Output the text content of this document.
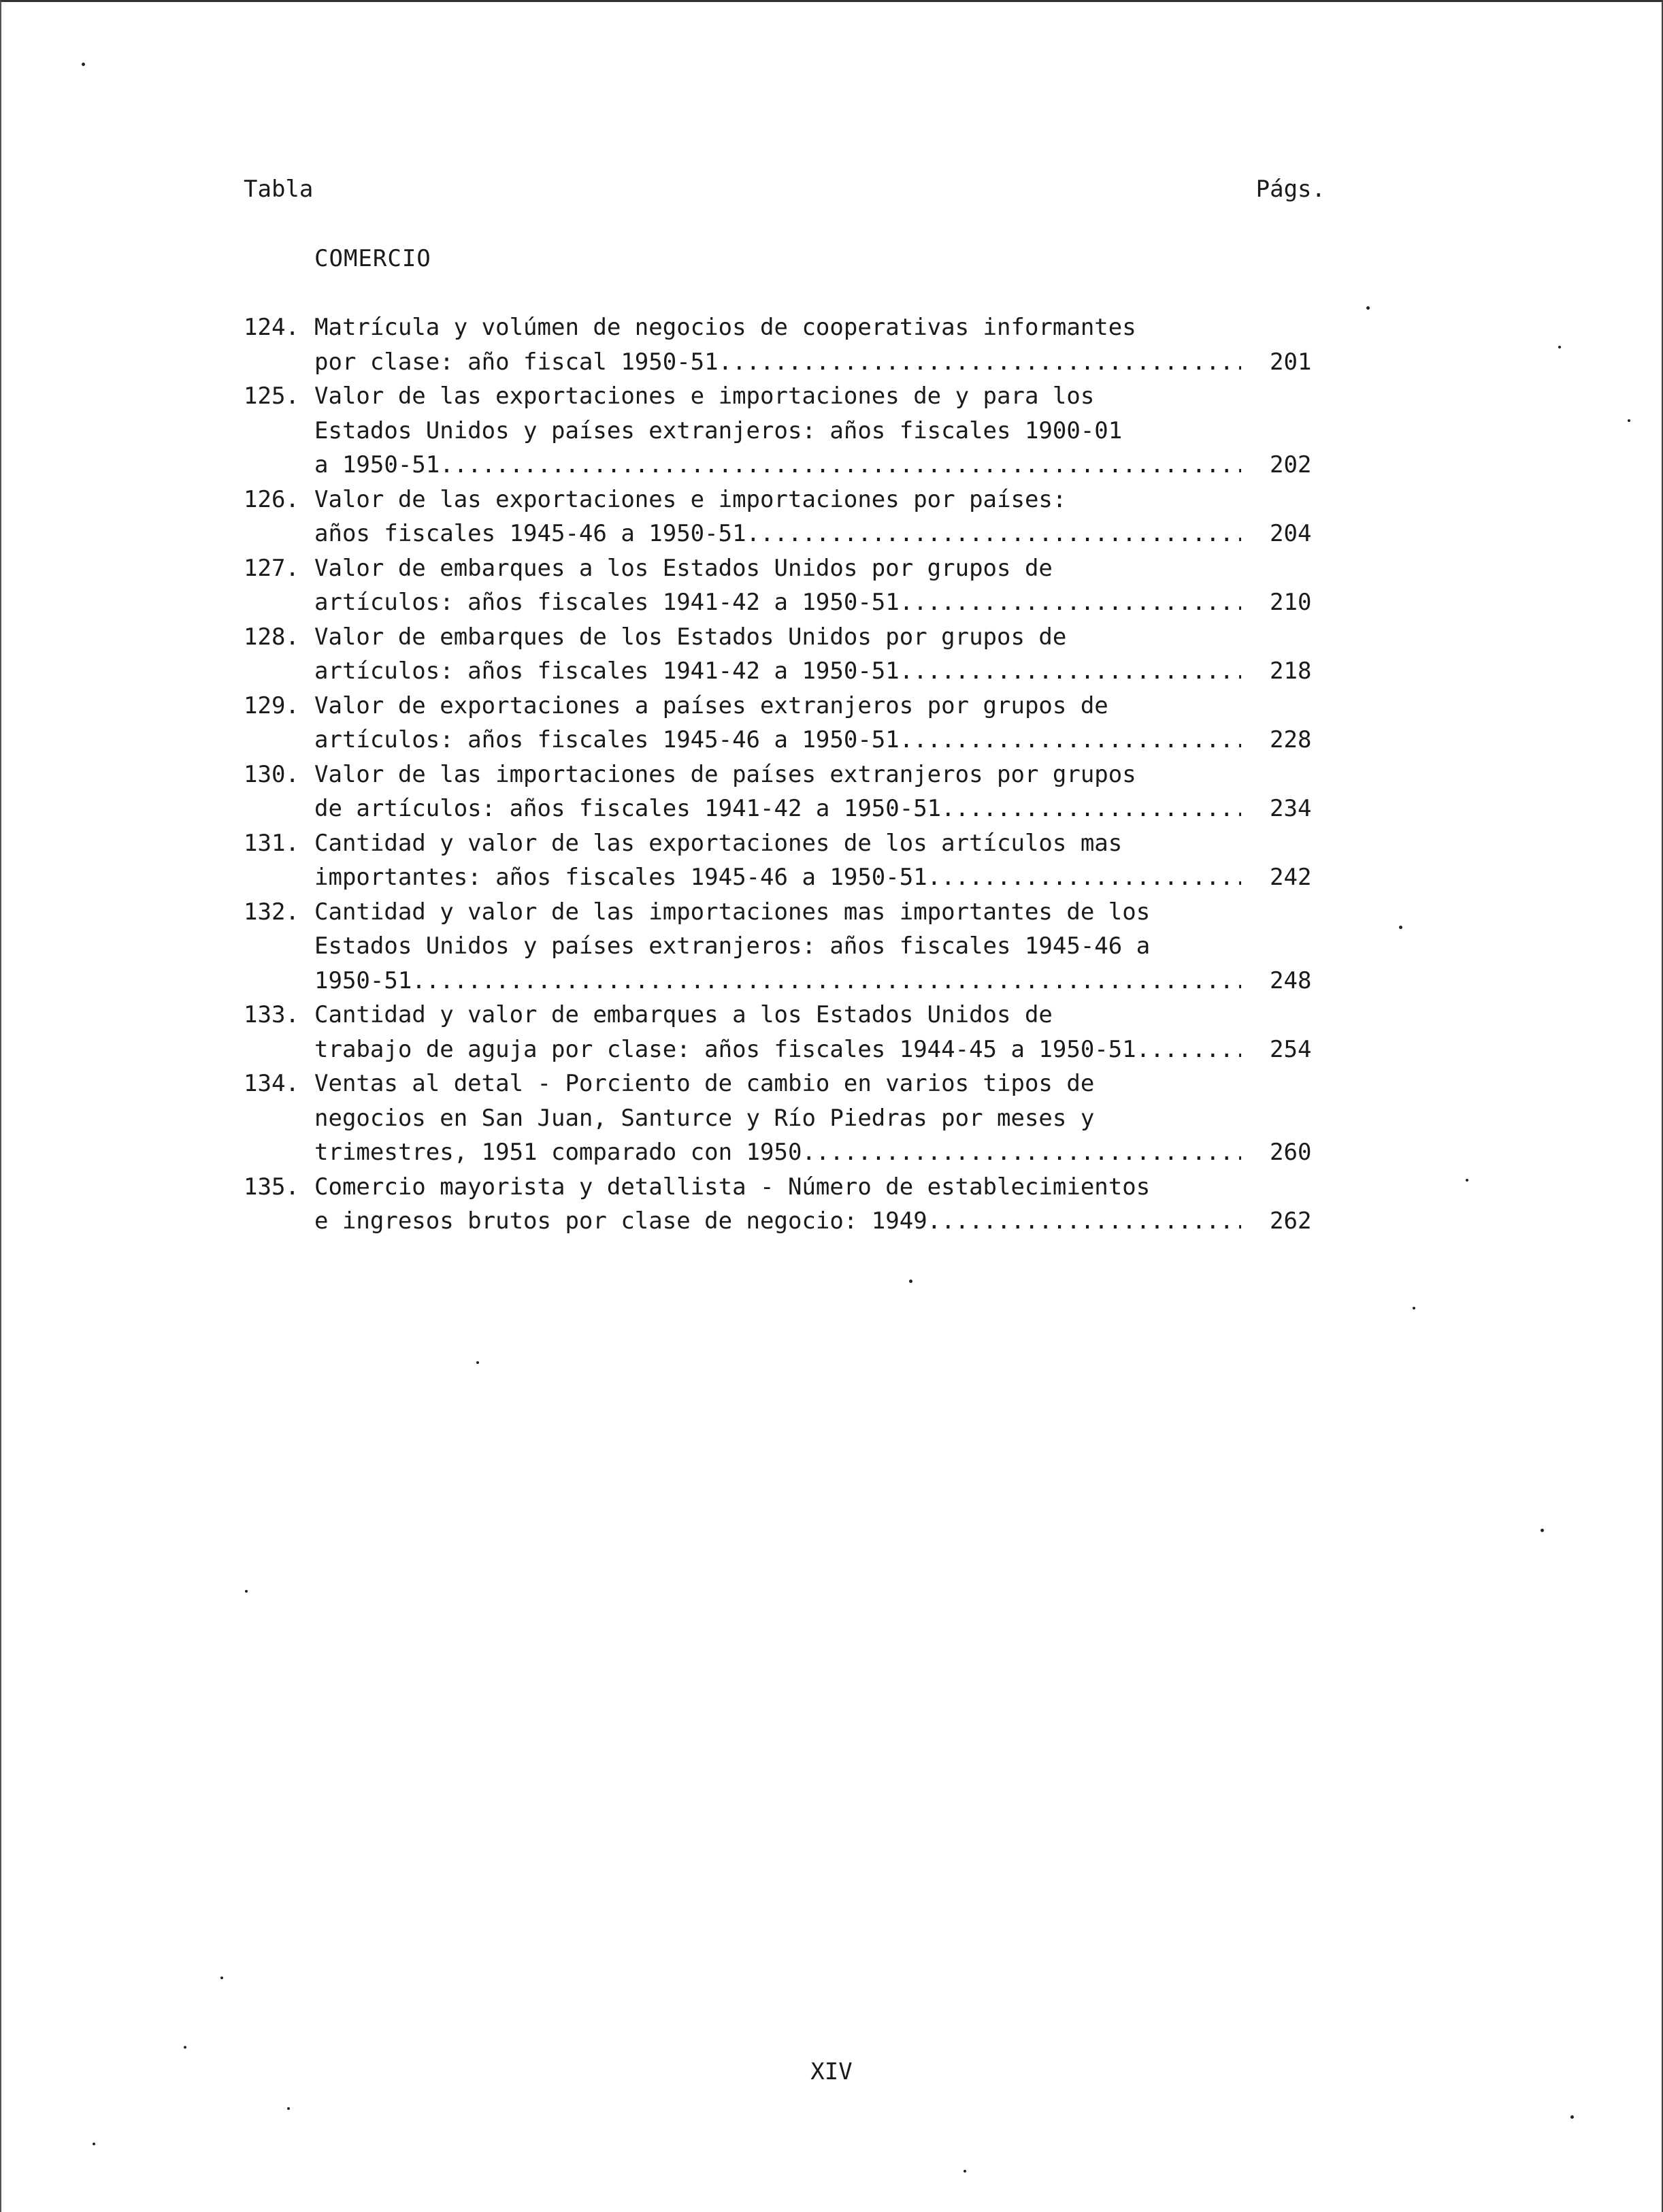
Tabla	Págs.
COMERCIO
124. Matrícula y volúmen de negocios de cooperativas informantes
por clase: año fiscal 1950-51 .....	201
125. Valor de las exportaciones e importaciones de y para los
Estados Unidos y países extranjeros: años fiscales 1900-01
a 1950-51 .....	202
126. Valor de las exportaciones e importaciones por países:
años fiscales 1945-46 a 1950-51 .....	204
127. Valor de embarques a los Estados Unidos por grupos de
artículos: años fiscales 1941-42 a 1950-51 .....	210
128. Valor de embarques de los Estados Unidos por grupos de
artículos: años fiscales 1941-42 a 1950-51 .....	218
129. Valor de exportaciones a países extranjeros por grupos de
artículos: años fiscales 1945-46 a 1950-51 .....	228
130. Valor de las importaciones de países extranjeros por grupos
de artículos: años fiscales 1941-42 a 1950-51 .....	234
131. Cantidad y valor de las exportaciones de los artículos mas
importantes: años fiscales 1945-46 a 1950-51 .....	242
132. Cantidad y valor de las importaciones mas importantes de los
Estados Unidos y países extranjeros: años fiscales 1945-46 a
1950-51 .....	248
133. Cantidad y valor de embarques a los Estados Unidos de
trabajo de aguja por clase: años fiscales 1944-45 a 1950-51 .....	254
134. Ventas al detal - Porciento de cambio en varios tipos de
negocios en San Juan, Santurce y Río Piedras por meses y
trimestres, 1951 comparado con 1950 .....	260
135. Comercio mayorista y detallista - Número de establecimientos
e ingresos brutos por clase de negocio: 1949 .....	262
XIV
